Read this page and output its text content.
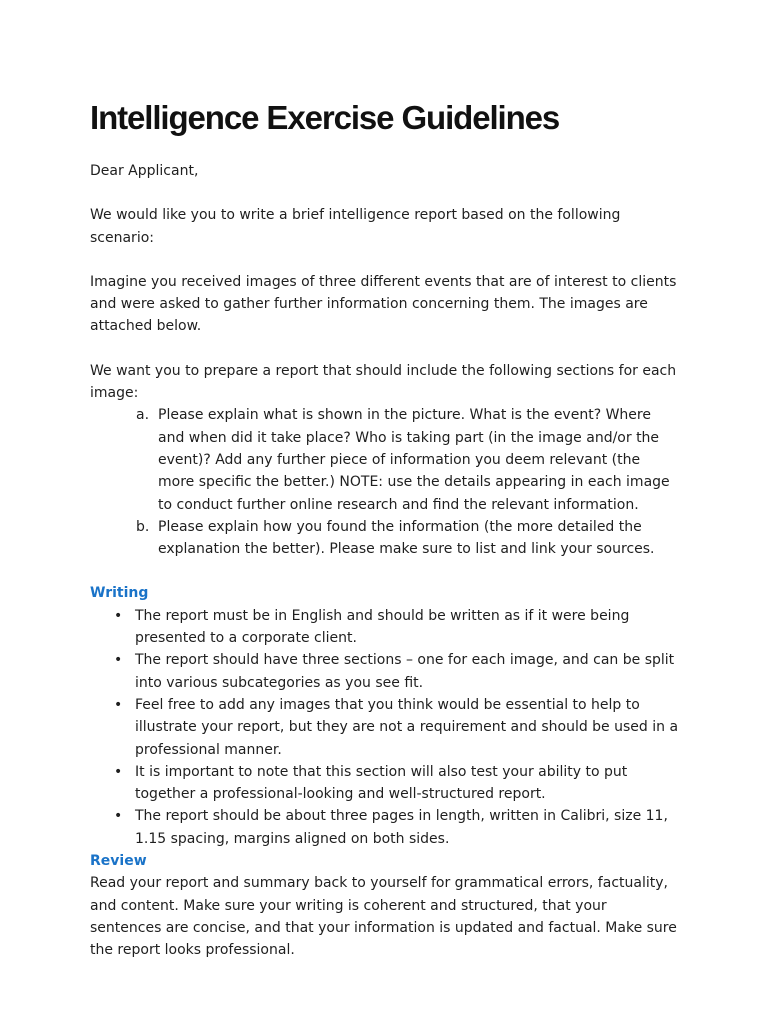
Intelligence Exercise Guidelines

Dear Applicant,

We would like you to write a brief intelligence report based on the following scenario:

Imagine you received images of three different events that are of interest to clients and were asked to gather further information concerning them. The images are attached below.

We want you to prepare a report that should include the following sections for each image:

a. Please explain what is shown in the picture. What is the event? Where and when did it take place? Who is taking part (in the image and/or the event)? Add any further piece of information you deem relevant (the more specific the better.) NOTE: use the details appearing in each image to conduct further online research and find the relevant information.
b. Please explain how you found the information (the more detailed the explanation the better). Please make sure to list and link your sources.

Writing

• The report must be in English and should be written as if it were being presented to a corporate client.
• The report should have three sections – one for each image, and can be split into various subcategories as you see fit.
• Feel free to add any images that you think would be essential to help to illustrate your report, but they are not a requirement and should be used in a professional manner.
• It is important to note that this section will also test your ability to put together a professional-looking and well-structured report.
• The report should be about three pages in length, written in Calibri, size 11, 1.15 spacing, margins aligned on both sides.

Review

Read your report and summary back to yourself for grammatical errors, factuality, and content. Make sure your writing is coherent and structured, that your sentences are concise, and that your information is updated and factual. Make sure the report looks professional.
